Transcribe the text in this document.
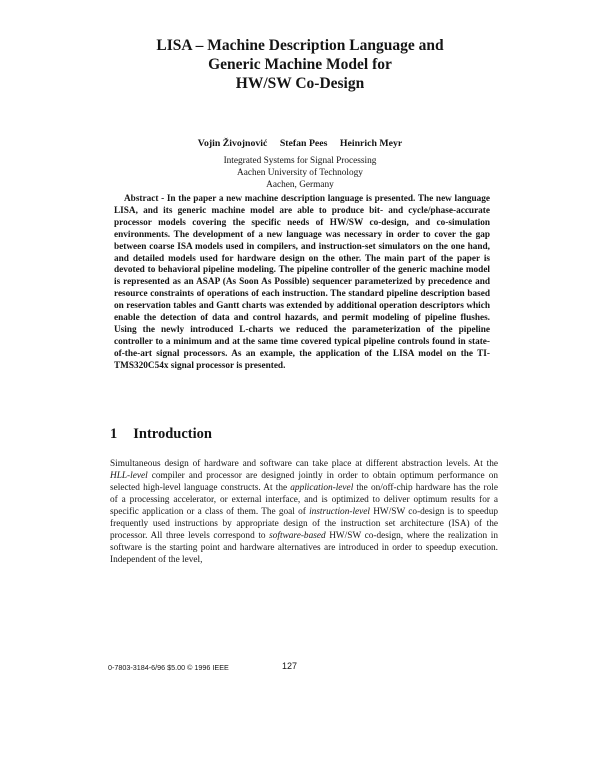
LISA – Machine Description Language and
Generic Machine Model for
HW/SW Co-Design
Vojin Živojnović Stefan Pees Heinrich Meyr
Integrated Systems for Signal Processing
Aachen University of Technology
Aachen, Germany

Abstract - In the paper a new machine description language is presented. The new language LISA, and its generic machine model are able to produce bit- and cycle/phase-accurate processor models covering the specific needs of HW/SW co-design, and co-simulation environments. The development of a new language was necessary in order to cover the gap between coarse ISA models used in compilers, and instruction-set simulators on the one hand, and detailed models used for hardware design on the other. The main part of the paper is devoted to behavioral pipeline modeling. The pipeline controller of the generic machine model is represented as an ASAP (As Soon As Possible) sequencer parameterized by precedence and resource constraints of operations of each instruction. The standard pipeline description based on reservation tables and Gantt charts was extended by additional operation descriptors which enable the detection of data and control hazards, and permit modeling of pipeline flushes. Using the newly introduced L-charts we reduced the parameterization of the pipeline controller to a minimum and at the same time covered typical pipeline controls found in state-of-the-art signal processors. As an example, the application of the LISA model on the TI-TMS320C54x signal processor is presented.

1 Introduction

Simultaneous design of hardware and software can take place at different abstraction levels. At the HLL-level compiler and processor are designed jointly in order to obtain optimum performance on selected high-level language constructs. At the application-level the on/off-chip hardware has the role of a processing accelerator, or external interface, and is optimized to deliver optimum results for a specific application or a class of them. The goal of instruction-level HW/SW co-design is to speedup frequently used instructions by appropriate design of the instruction set architecture (ISA) of the processor. All three levels correspond to software-based HW/SW co-design, where the realization in software is the starting point and hardware alternatives are introduced in order to speedup execution. Independent of the level,

0-7803-3184-6/96 $5.00 © 1996 IEEE	127
